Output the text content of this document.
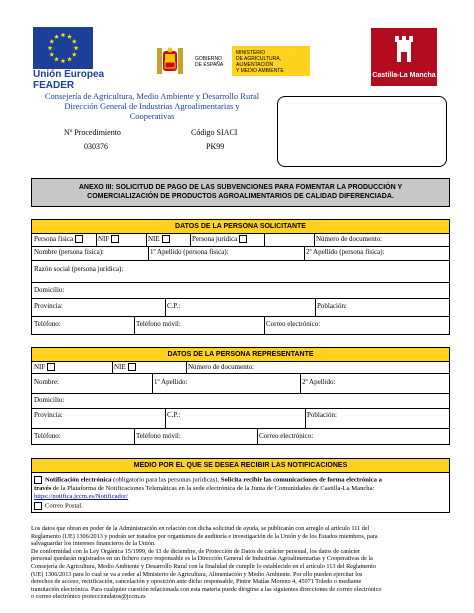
Unión Europea
FEADER
GOBIERNO
DE ESPAÑA
MINISTERIO
DE AGRICULTURA, ALIMENTACIÓN
Y MEDIO AMBIENTE
Castilla-La Mancha
Consejería de Agricultura, Medio Ambiente y Desarrollo Rural
Dirección General de Industrias Agroalimentarias y
Cooperativas
Nº Procedimiento
030376
Código SIACI
PK99
ANEXO III: SOLICITUD DE PAGO DE LAS SUBVENCIONES PARA FOMENTAR LA PRODUCCIÓN Y
COMERCIALIZACIÓN DE PRODUCTOS AGROALIMENTARIOS DE CALIDAD DIFERENCIADA.
DATOS DE LA PERSONA SOLICITANTE
Persona física	NIF	NIE	Persona jurídica	Número de documento:
Nombre (persona física):	1º Apellido (persona física):	2º Apellido (persona física):
Razón social (persona jurídica):
Domicilio:
Provincia:	C.P.:	Población:
Teléfono:	Teléfono móvil:	Correo electrónico:
DATOS DE LA PERSONA REPRESENTANTE
NIF	NIE	Número de documento:
Nombre:	1º Apellido:	2º Apellido:
Domicilio:
Provincia:	C.P.:	Población:
Teléfono:	Teléfono móvil:	Correo electrónico:
MEDIO POR EL QUE SE DESEA RECIBIR LAS NOTIFICACIONES
Notificación electrónica (obligatorio para las personas jurídicas). Solicita recibir las comunicaciones de forma electrónica a
través de la Plataforma de Notificaciones Telemáticas en la sede electrónica de la Junta de Comunidades de Castilla-La Mancha:
https://notifica.jccm.es/Notificador/
Correo Postal.
Los datos que obran en poder de la Administración en relación con dicha solicitud de ayuda, se publicarán con arreglo al artículo 111 del
Reglamento (UE) 1306/2013 y podrán ser tratados por organismos de auditoría e investigación de la Unión y de los Estados miembros, para
salvaguardar los intereses financieros de la Unión.
De conformidad con la Ley Orgánica 15/1999, de 13 de diciembre, de Protección de Datos de carácter personal, los datos de carácter
personal quedarán registrados en un fichero cuyo responsable es la Dirección General de Industrias Agroalimentarias y Cooperativas de la
Consejería de Agricultura, Medio Ambiente y Desarrollo Rural con la finalidad de cumplir lo establecido en el artículo 113 del Reglamento
(UE) 1306/2013 para lo cual se va a ceder al Ministerio de Agricultura, Alimentación y Medio Ambiente. Por ello pueden ejercitar los
derechos de acceso, rectificación, cancelación y oposición ante dicho responsable, Pintor Matías Moreno 4, 45071 Toledo o mediante
tramitación electrónica. Para cualquier cuestión relacionada con esta materia puede dirigirse a las siguientes direcciones de correo electrónico
o correo electrónico protecciondatos@jccm.es
